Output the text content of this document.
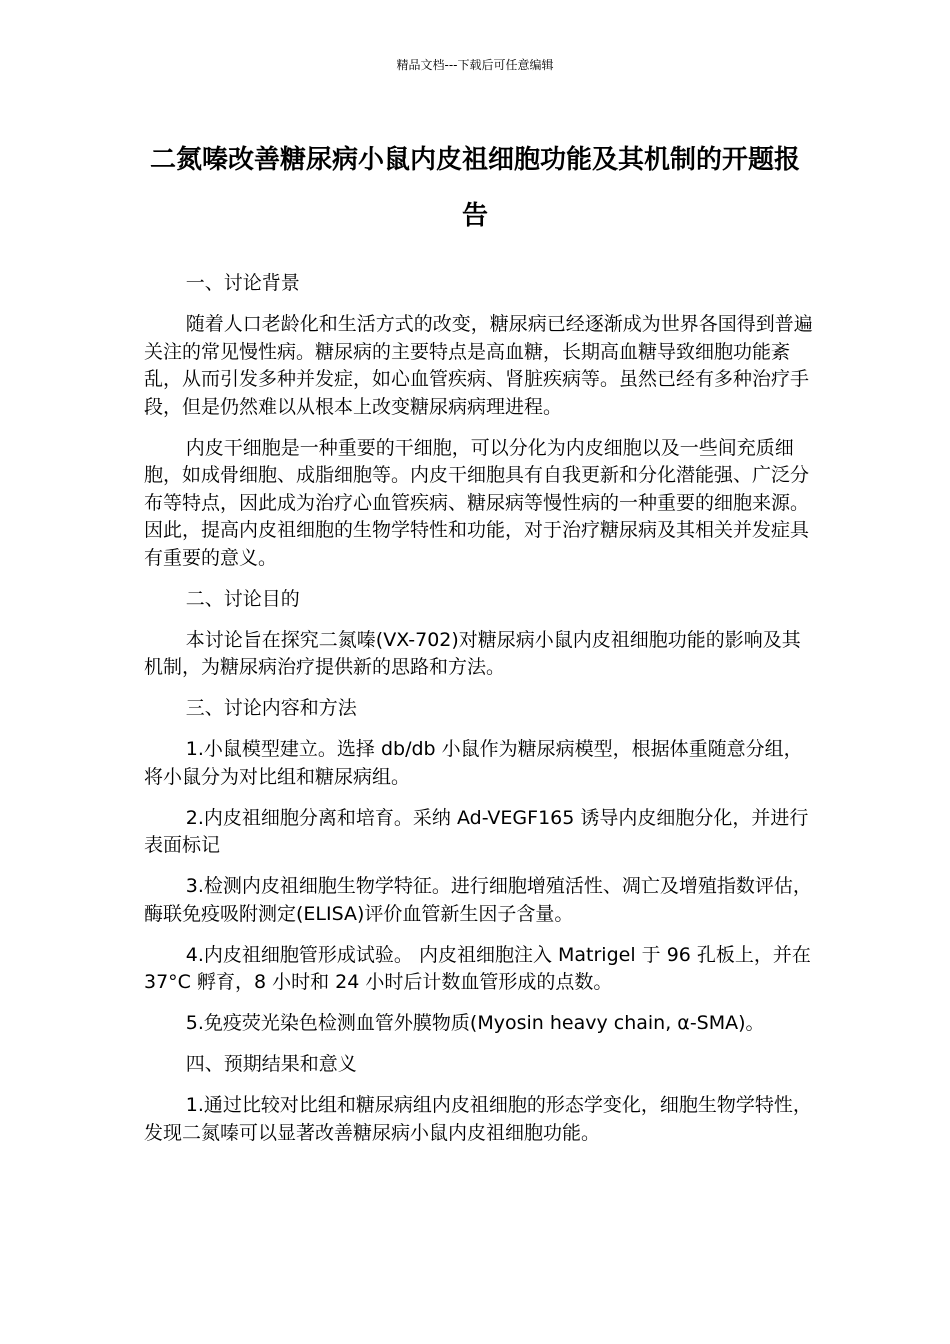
精品文档---下载后可任意编辑
二氮嗪改善糖尿病小鼠内皮祖细胞功能及其机制的开题报告

一、讨论背景

随着人口老龄化和生活方式的改变，糖尿病已经逐渐成为世界各国得到普遍关注的常见慢性病。糖尿病的主要特点是高血糖，长期高血糖导致细胞功能紊乱，从而引发多种并发症，如心血管疾病、肾脏疾病等。虽然已经有多种治疗手段，但是仍然难以从根本上改变糖尿病病理进程。

内皮干细胞是一种重要的干细胞，可以分化为内皮细胞以及一些间充质细胞，如成骨细胞、成脂细胞等。内皮干细胞具有自我更新和分化潜能强、广泛分布等特点，因此成为治疗心血管疾病、糖尿病等慢性病的一种重要的细胞来源。因此，提高内皮祖细胞的生物学特性和功能，对于治疗糖尿病及其相关并发症具有重要的意义。

二、讨论目的

本讨论旨在探究二氮嗪(VX-702)对糖尿病小鼠内皮祖细胞功能的影响及其机制，为糖尿病治疗提供新的思路和方法。

三、讨论内容和方法

1.小鼠模型建立。选择 db/db 小鼠作为糖尿病模型，根据体重随意分组，将小鼠分为对比组和糖尿病组。

2.内皮祖细胞分离和培育。采纳 Ad-VEGF165 诱导内皮细胞分化，并进行表面标记

3.检测内皮祖细胞生物学特征。进行细胞增殖活性、凋亡及增殖指数评估，酶联免疫吸附测定(ELISA)评价血管新生因子含量。

4.内皮祖细胞管形成试验。 内皮祖细胞注入 Matrigel 于 96 孔板上，并在 37°C 孵育，8 小时和 24 小时后计数血管形成的点数。

5.免疫荧光染色检测血管外膜物质(Myosin heavy chain, α-SMA)。

四、预期结果和意义

1.通过比较对比组和糖尿病组内皮祖细胞的形态学变化，细胞生物学特性，发现二氮嗪可以显著改善糖尿病小鼠内皮祖细胞功能。
